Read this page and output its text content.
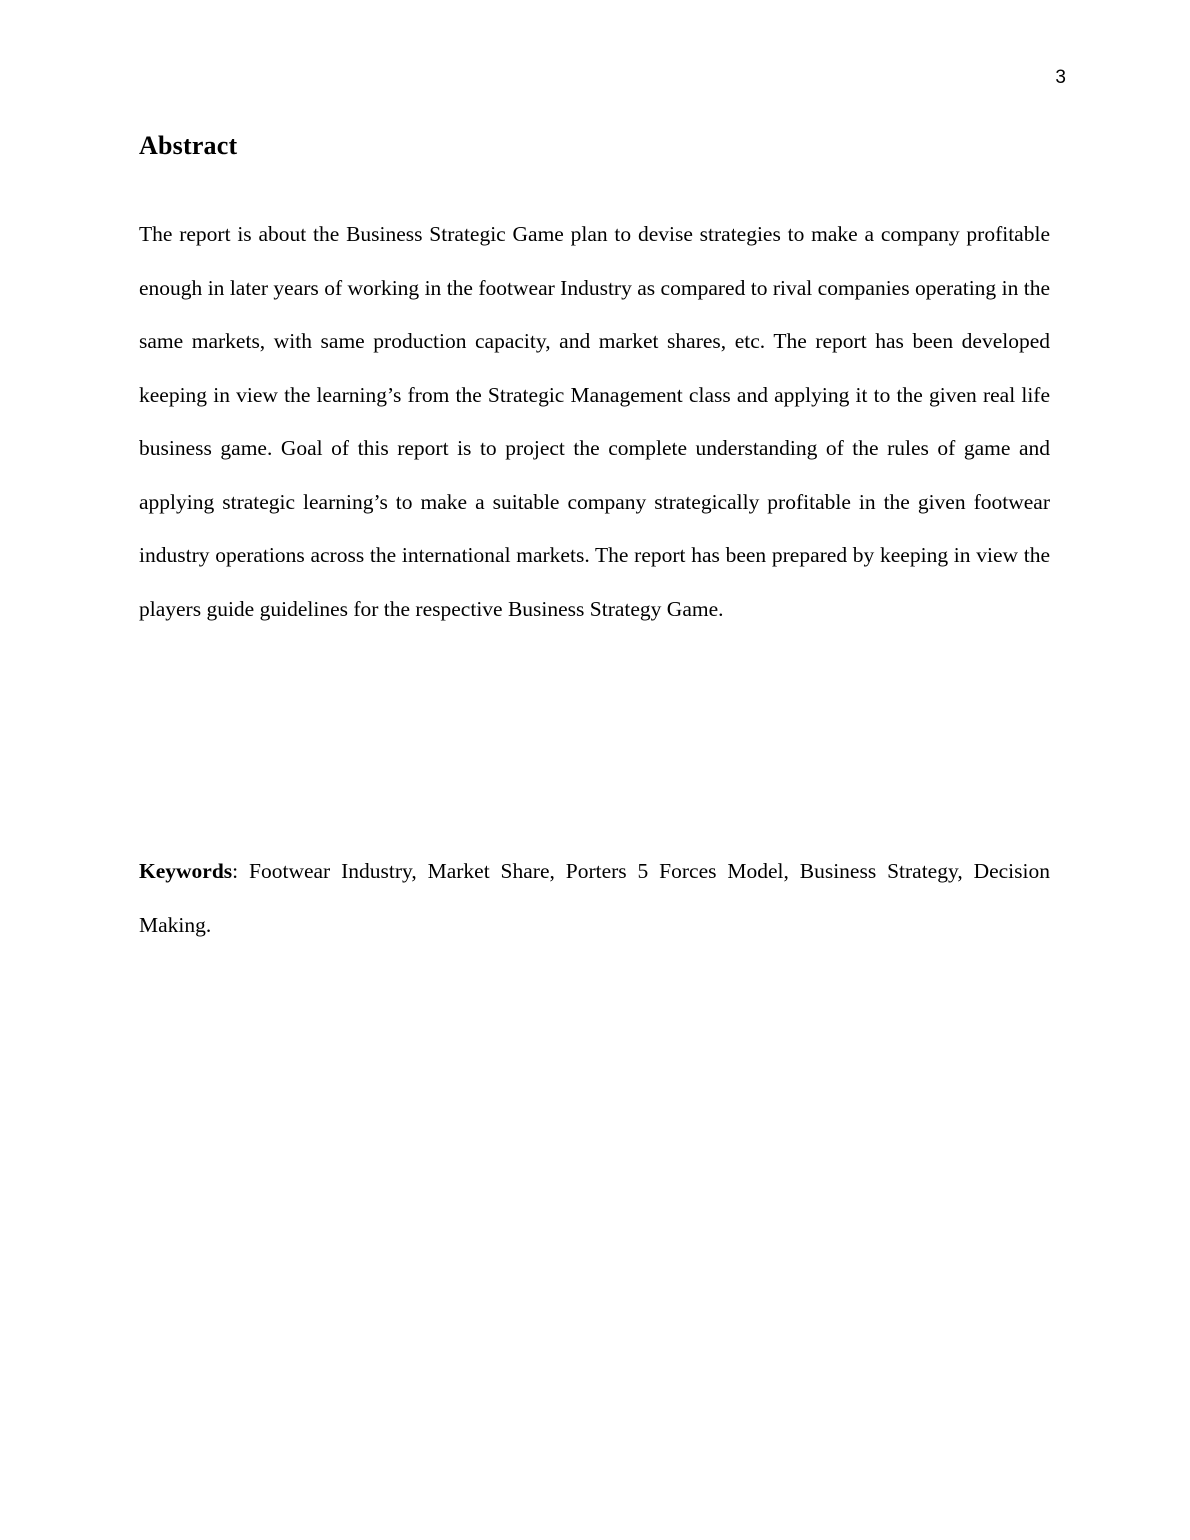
3
Abstract

The report is about the Business Strategic Game plan to devise strategies to make a company profitable enough in later years of working in the footwear Industry as compared to rival companies operating in the same markets, with same production capacity, and market shares, etc. The report has been developed keeping in view the learning’s from the Strategic Management class and applying it to the given real life business game. Goal of this report is to project the complete understanding of the rules of game and applying strategic learning’s to make a suitable company strategically profitable in the given footwear industry operations across the international markets. The report has been prepared by keeping in view the players guide guidelines for the respective Business Strategy Game.

Keywords: Footwear Industry, Market Share, Porters 5 Forces Model, Business Strategy, Decision Making.
